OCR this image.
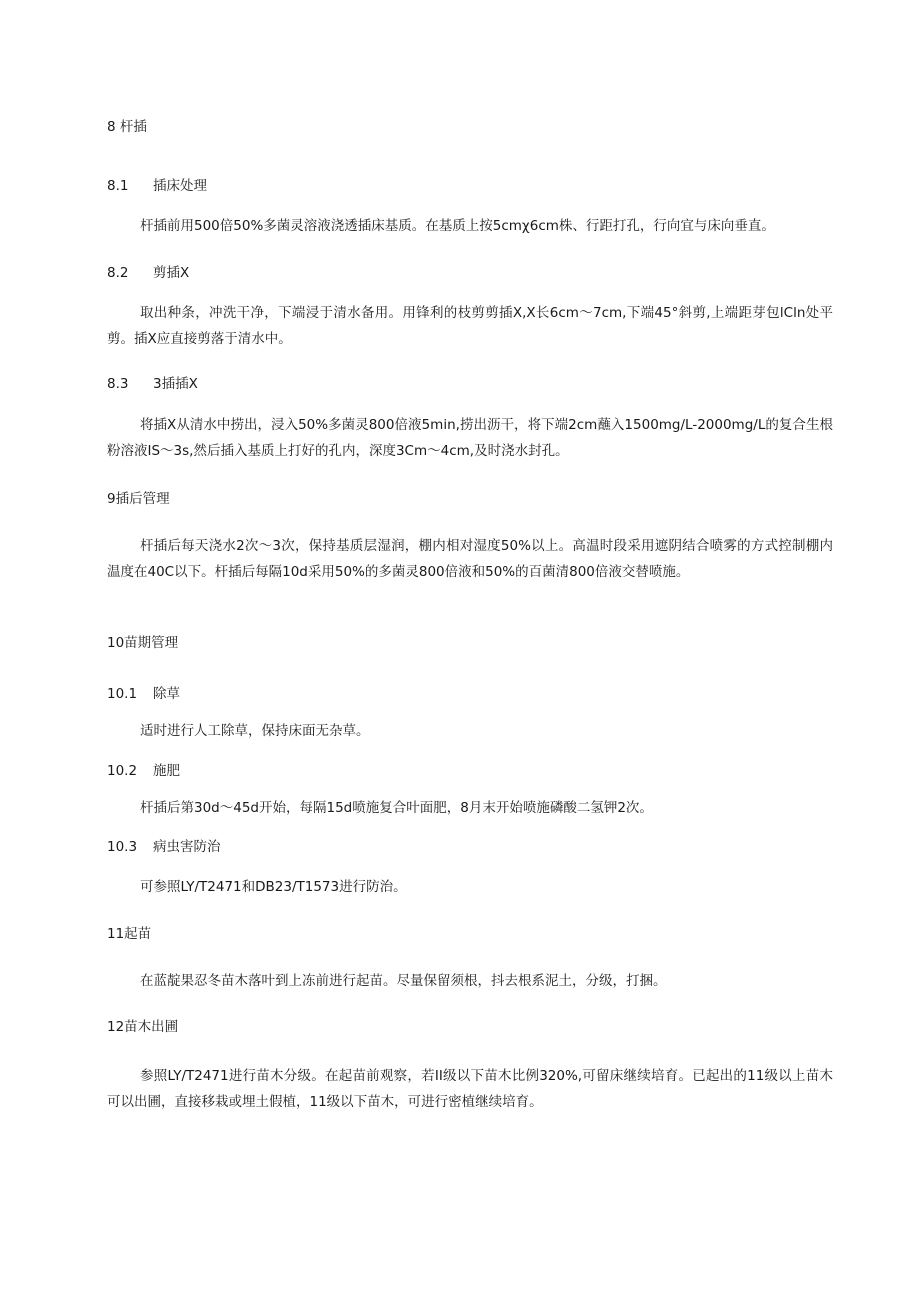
8 杆插
8.1 插床处理
杆插前用500倍50%多菌灵溶液浇透插床基质。在基质上按5cmχ6cm株、行距打孔，行向宜与床向垂直。
8.2 剪插X
取出种条，冲洗干净，下端浸于清水备用。用锋利的枝剪剪插X,X长6cm～7cm,下端45°斜剪,上端距芽包lCln处平剪。插X应直接剪落于清水中。
8.3 3插插X
将插X从清水中捞出，浸入50%多菌灵800倍液5min,捞出沥干，将下端2cm蘸入1500mg∕L-2000mg/L的复合生根粉溶液IS～3s,然后插入基质上打好的孔内，深度3Cm～4cm,及时浇水封孔。
9插后管理
杆插后每天浇水2次～3次，保持基质层湿润，棚内相对湿度50%以上。高温时段采用遮阴结合喷雾的方式控制棚内温度在40C以下。杆插后每隔10d采用50%的多菌灵800倍液和50%的百菌清800倍液交替喷施。
10苗期管理
10.1 除草
适时进行人工除草，保持床面无杂草。
10.2 施肥
杆插后第30d～45d开始，每隔15d喷施复合叶面肥，8月末开始喷施磷酸二氢钾2次。
10.3 病虫害防治
可参照LY/T2471和DB23/T1573进行防治。
11起苗
在蓝靛果忍冬苗木落叶到上冻前进行起苗。尽量保留须根，抖去根系泥土，分级，打捆。
12苗木出圃
参照LY/T2471进行苗木分级。在起苗前观察，若II级以下苗木比例320%,可留床继续培育。已起出的11级以上苗木可以出圃，直接移栽或埋土假植，11级以下苗木，可进行密植继续培育。
